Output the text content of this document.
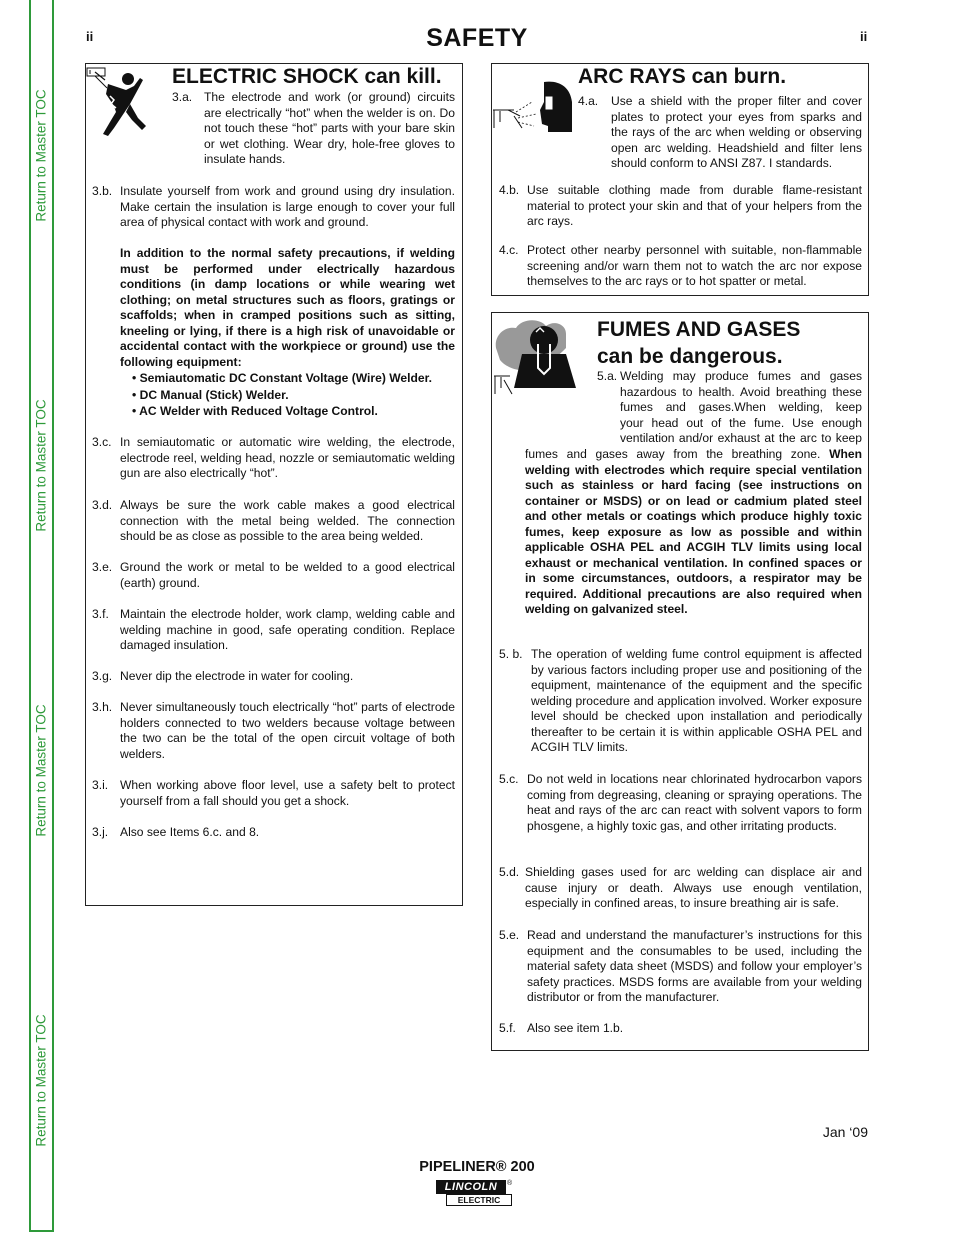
Return to Master TOC
Return to Master TOC
Return to Master TOC
Return to Master TOC
ii	ii
SAFETY
ELECTRIC SHOCK can kill.
3.a. The electrode and work (or ground) circuits are electrically “hot” when the welder is on. Do not touch these “hot” parts with your bare skin or wet clothing. Wear dry, hole-free gloves to insulate hands.
3.b. Insulate yourself from work and ground using dry insulation. Make certain the insulation is large enough to cover your full area of physical contact with work and ground.
In addition to the normal safety precautions, if welding must be performed under electrically hazardous conditions (in damp locations or while wearing wet clothing; on metal structures such as floors, gratings or scaffolds; when in cramped positions such as sitting, kneeling or lying, if there is a high risk of unavoidable or accidental contact with the workpiece or ground) use the following equipment:
• Semiautomatic DC Constant Voltage (Wire) Welder.
• DC Manual (Stick) Welder.
• AC Welder with Reduced Voltage Control.
3.c. In semiautomatic or automatic wire welding, the electrode, electrode reel, welding head, nozzle or semiautomatic welding gun are also electrically “hot”.
3.d. Always be sure the work cable makes a good electrical connection with the metal being welded. The connection should be as close as possible to the area being welded.
3.e. Ground the work or metal to be welded to a good electrical (earth) ground.
3.f. Maintain the electrode holder, work clamp, welding cable and welding machine in good, safe operating condition. Replace damaged insulation.
3.g. Never dip the electrode in water for cooling.
3.h. Never simultaneously touch electrically “hot” parts of electrode holders connected to two welders because voltage between the two can be the total of the open circuit voltage of both welders.
3.i. When working above floor level, use a safety belt to protect yourself from a fall should you get a shock.
3.j. Also see Items 6.c. and 8.
ARC RAYS can burn.
4.a. Use a shield with the proper filter and cover plates to protect your eyes from sparks and the rays of the arc when welding or observing open arc welding. Headshield and filter lens should conform to ANSI Z87. I standards.
4.b. Use suitable clothing made from durable flame-resistant material to protect your skin and that of your helpers from the arc rays.
4.c. Protect other nearby personnel with suitable, non-flammable screening and/or warn them not to watch the arc nor expose themselves to the arc rays or to hot spatter or metal.
FUMES AND GASES
can be dangerous.
5.a. Welding may produce fumes and gases
hazardous to health. Avoid breathing these
fumes and gases.When welding, keep
your head out of the fume. Use enough
ventilation and/or exhaust at the arc to keep
fumes and gases away from the breathing zone. When welding with electrodes which require special ventilation such as stainless or hard facing (see instructions on container or MSDS) or on lead or cadmium plated steel and other metals or coatings which produce highly toxic fumes, keep exposure as low as possible and within applicable OSHA PEL and ACGIH TLV limits using local exhaust or mechanical ventilation. In confined spaces or in some circumstances, outdoors, a respirator may be required. Additional precautions are also required when welding on galvanized steel.
5. b. The operation of welding fume control equipment is affected by various factors including proper use and positioning of the equipment, maintenance of the equipment and the specific welding procedure and application involved. Worker exposure level should be checked upon installation and periodically thereafter to be certain it is within applicable OSHA PEL and ACGIH TLV limits.
5.c. Do not weld in locations near chlorinated hydrocarbon vapors coming from degreasing, cleaning or spraying operations. The heat and rays of the arc can react with solvent vapors to form phosgene, a highly toxic gas, and other irritating products.
5.d. Shielding gases used for arc welding can displace air and cause injury or death. Always use enough ventilation, especially in confined areas, to insure breathing air is safe.
5.e. Read and understand the manufacturer’s instructions for this equipment and the consumables to be used, including the material safety data sheet (MSDS) and follow your employer’s safety practices. MSDS forms are available from your welding distributor or from the manufacturer.
5.f. Also see item 1.b.
Jan ‘09
PIPELINER® 200
LINCOLN
ELECTRIC
®
